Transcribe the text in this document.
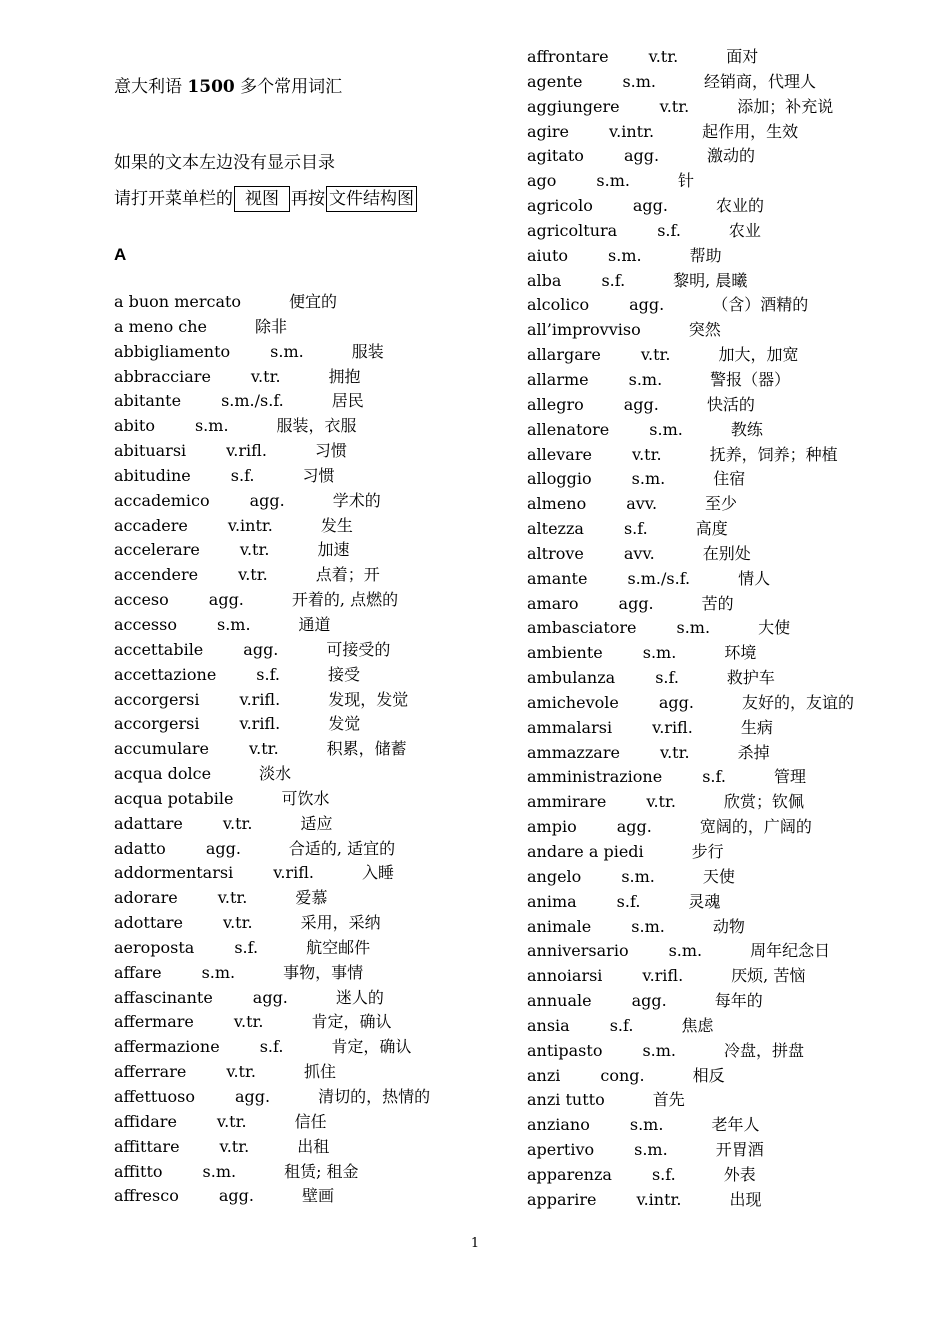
意大利语 1500 多个常用词汇
如果的文本左边没有显示目录
请打开菜单栏的 视图 再按 文件结构图
A
a buon mercato	便宜的
a meno che	除非
abbigliamento	s.m.	服装
abbracciare	v.tr.	拥抱
abitante	s.m./s.f.	居民
abito	s.m.	服装，衣服
abituarsi	v.rifl.	习惯
abitudine	s.f.	习惯
accademico	agg.	学术的
accadere	v.intr.	发生
accelerare	v.tr.	加速
accendere	v.tr.	点着；开
acceso	agg.	开着的, 点燃的
accesso	s.m.	通道
accettabile	agg.	可接受的
accettazione	s.f.	接受
accorgersi	v.rifl.	发现，发觉
accorgersi	v.rifl.	发觉
accumulare	v.tr.	积累，储蓄
acqua dolce	淡水
acqua potabile	可饮水
adattare	v.tr.	适应
adatto	agg.	合适的, 适宜的
addormentarsi	v.rifl.	入睡
adorare	v.tr.	爱慕
adottare	v.tr.	采用，采纳
aeroposta	s.f.	航空邮件
affare	s.m.	事物，事情
affascinante	agg.	迷人的
affermare	v.tr.	肯定，确认
affermazione	s.f.	肯定，确认
afferrare	v.tr.	抓住
affettuoso	agg.	清切的，热情的
affidare	v.tr.	信任
affittare	v.tr.	出租
affitto	s.m.	租赁; 租金
affresco	agg.	壁画
affrontare	v.tr.	面对
agente	s.m.	经销商，代理人
aggiungere	v.tr.	添加；补充说
agire	v.intr.	起作用，生效
agitato	agg.	激动的
ago	s.m.	针
agricolo	agg.	农业的
agricoltura	s.f.	农业
aiuto	s.m.	帮助
alba	s.f.	黎明, 晨曦
alcolico	agg.	（含）酒精的
all’improvviso	突然
allargare	v.tr.	加大，加宽
allarme	s.m.	警报（器）
allegro	agg.	快活的
allenatore	s.m.	教练
allevare	v.tr.	抚养，饲养；种植
alloggio	s.m.	住宿
almeno	avv.	至少
altezza	s.f.	高度
altrove	avv.	在别处
amante	s.m./s.f.	情人
amaro	agg.	苦的
ambasciatore	s.m.	大使
ambiente	s.m.	环境
ambulanza	s.f.	救护车
amichevole	agg.	友好的，友谊的
ammalarsi	v.rifl.	生病
ammazzare	v.tr.	杀掉
amministrazione	s.f.	管理
ammirare	v.tr.	欣赏；钦佩
ampio	agg.	宽阔的，广阔的
andare a piedi	步行
angelo	s.m.	天使
anima	s.f.	灵魂
animale	s.m.	动物
anniversario	s.m.	周年纪念日
annoiarsi	v.rifl.	厌烦, 苦恼
annuale	agg.	每年的
ansia	s.f.	焦虑
antipasto	s.m.	冷盘，拼盘
anzi	cong.	相反
anzi tutto	首先
anziano	s.m.	老年人
apertivo	s.m.	开胃酒
apparenza	s.f.	外表
apparire	v.intr.	出现
1
